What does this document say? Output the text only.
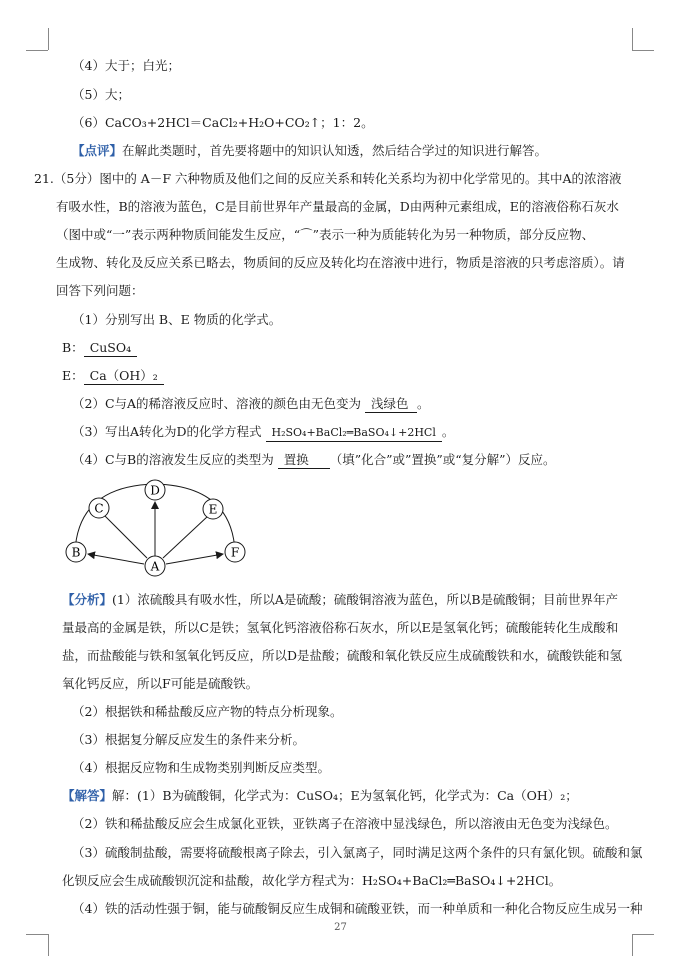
（4）大于；白光；
（5）大；
（6）CaCO₃+2HCl＝CaCl₂+H₂O+CO₂↑；1：2。
【点评】在解此类题时，首先要将题中的知识认知透，然后结合学过的知识进行解答。
21.（5分）图中的 A－F 六种物质及他们之间的反应关系和转化关系均为初中化学常见的。其中A的浓溶液
有吸水性，B的溶液为蓝色，C是目前世界年产量最高的金属，D由两种元素组成，E的溶液俗称石灰水
（图中或“一”表示两种物质间能发生反应，“⌒”表示一种为质能转化为另一种物质，部分反应物、
生成物、转化及反应关系已略去，物质间的反应及转化均在溶液中进行，物质是溶液的只考虑溶质）。请
回答下列问题：
（1）分别写出 B、E 物质的化学式。
B： CuSO₄
E： Ca（OH）₂
（2）C与A的稀溶液反应时、溶液的颜色由无色变为 浅绿色 。
（3）写出A转化为D的化学方程式 H₂SO₄+BaCl₂═BaSO₄↓+2HCl 。
（4）C与B的溶液发生反应的类型为 置换 （填”化合”或”置换”或“复分解”）反应。
D
C	E
B	F
A
【分析】(1）浓硫酸具有吸水性，所以A是硫酸；硫酸铜溶液为蓝色，所以B是硫酸铜；目前世界年产
量最高的金属是铁，所以C是铁；氢氧化钙溶液俗称石灰水，所以E是氢氧化钙；硫酸能转化生成酸和
盐，而盐酸能与铁和氢氧化钙反应，所以D是盐酸；硫酸和氧化铁反应生成硫酸铁和水，硫酸铁能和氢
氧化钙反应，所以F可能是硫酸铁。
（2）根据铁和稀盐酸反应产物的特点分析现象。
（3）根据复分解反应发生的条件来分析。
（4）根据反应物和生成物类别判断反应类型。
【解答】解：(1）B为硫酸铜，化学式为：CuSO₄；E为氢氧化钙，化学式为：Ca（OH）₂；
（2）铁和稀盐酸反应会生成氯化亚铁，亚铁离子在溶液中显浅绿色，所以溶液由无色变为浅绿色。
（3）硫酸制盐酸，需要将硫酸根离子除去，引入氯离子，同时满足这两个条件的只有氯化钡。硫酸和氯
化钡反应会生成硫酸钡沉淀和盐酸，故化学方程式为：H₂SO₄+BaCl₂═BaSO₄↓+2HCl。
（4）铁的活动性强于铜，能与硫酸铜反应生成铜和硫酸亚铁，而一种单质和一种化合物反应生成另一种
27
